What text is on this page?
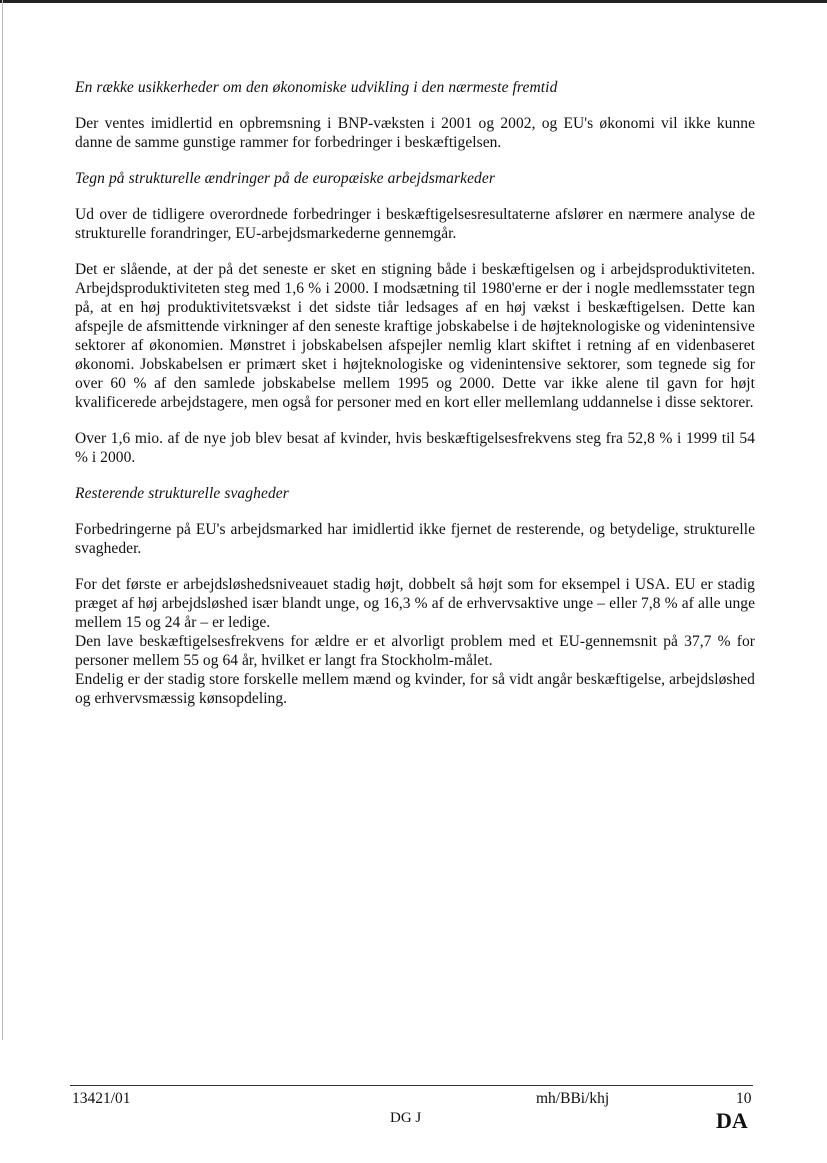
En række usikkerheder om den økonomiske udvikling i den nærmeste fremtid

Der ventes imidlertid en opbremsning i BNP-væksten i 2001 og 2002, og EU's økonomi vil ikke kunne danne de samme gunstige rammer for forbedringer i beskæftigelsen.

Tegn på strukturelle ændringer på de europæiske arbejdsmarkeder

Ud over de tidligere overordnede forbedringer i beskæftigelsesresultaterne afslører en nærmere analyse de strukturelle forandringer, EU-arbejdsmarkederne gennemgår.

Det er slående, at der på det seneste er sket en stigning både i beskæftigelsen og i arbejdsproduktiviteten. Arbejdsproduktiviteten steg med 1,6 % i 2000. I modsætning til 1980'erne er der i nogle medlemsstater tegn på, at en høj produktivitetsvækst i det sidste tiår ledsages af en høj vækst i beskæftigelsen. Dette kan afspejle de afsmittende virkninger af den seneste kraftige jobskabelse i de højteknologiske og videnintensive sektorer af økonomien. Mønstret i jobskabelsen afspejler nemlig klart skiftet i retning af en videnbaseret økonomi. Jobskabelsen er primært sket i højteknologiske og videnintensive sektorer, som tegnede sig for over 60 % af den samlede jobskabelse mellem 1995 og 2000. Dette var ikke alene til gavn for højt kvalificerede arbejdstagere, men også for personer med en kort eller mellemlang uddannelse i disse sektorer.

Over 1,6 mio. af de nye job blev besat af kvinder, hvis beskæftigelsesfrekvens steg fra 52,8 % i 1999 til 54 % i 2000.

Resterende strukturelle svagheder

Forbedringerne på EU's arbejdsmarked har imidlertid ikke fjernet de resterende, og betydelige, strukturelle svagheder.

For det første er arbejdsløshedsniveauet stadig højt, dobbelt så højt som for eksempel i USA. EU er stadig præget af høj arbejdsløshed især blandt unge, og 16,3 % af de erhvervsaktive unge – eller 7,8 % af alle unge mellem 15 og 24 år – er ledige.

Den lave beskæftigelsesfrekvens for ældre er et alvorligt problem med et EU-gennemsnit på 37,7 % for personer mellem 55 og 64 år, hvilket er langt fra Stockholm-målet.

Endelig er der stadig store forskelle mellem mænd og kvinder, for så vidt angår beskæftigelse, arbejdsløshed og erhvervsmæssig kønsopdeling.

13421/01	mh/BBi/khj	10
DG J	DA
